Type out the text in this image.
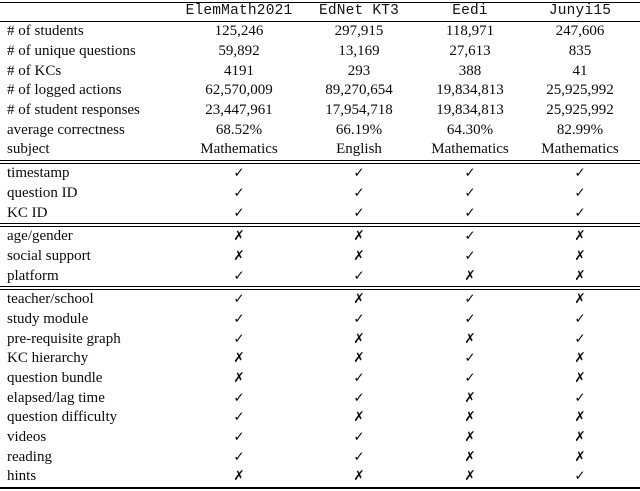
	ElemMath2021	EdNet KT3	Eedi	Junyi15
# of students	125,246	297,915	118,971	247,606
# of unique questions	59,892	13,169	27,613	835
# of KCs	4191	293	388	41
# of logged actions	62,570,009	89,270,654	19,834,813	25,925,992
# of student responses	23,447,961	17,954,718	19,834,813	25,925,992
average correctness	68.52%	66.19%	64.30%	82.99%
subject	Mathematics	English	Mathematics	Mathematics
timestamp	✓	✓	✓	✓
question ID	✓	✓	✓	✓
KC ID	✓	✓	✓	✓
age/gender	✗	✗	✓	✗
social support	✗	✗	✓	✗
platform	✓	✓	✗	✗
teacher/school	✓	✗	✓	✗
study module	✓	✓	✓	✓
pre-requisite graph	✓	✗	✗	✓
KC hierarchy	✗	✗	✓	✗
question bundle	✗	✓	✓	✗
elapsed/lag time	✓	✓	✗	✓
question difficulty	✓	✗	✗	✗
videos	✓	✓	✗	✗
reading	✓	✓	✗	✗
hints	✗	✗	✗	✓
